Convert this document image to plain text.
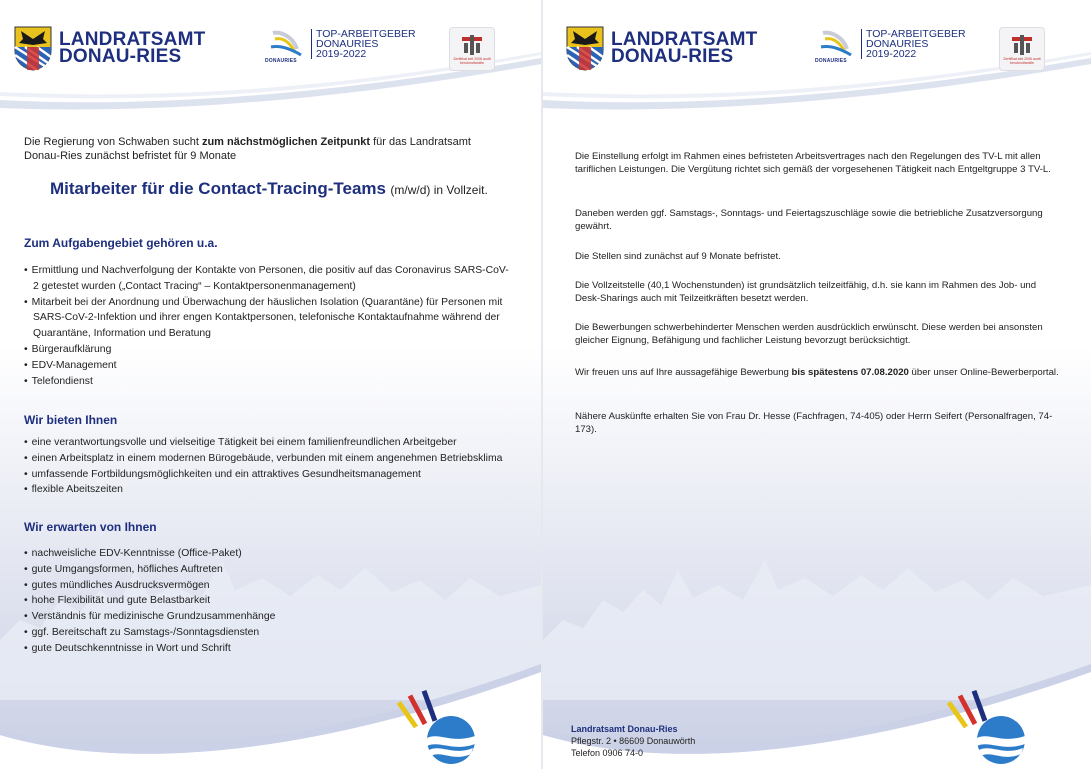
LANDRATSAMT
DONAU-RIES	DONAURIES
TOP-ARBEITGEBER
DONAURIES
2019-2022	Zertifikat seit 2006 audit berufundfamilie
Die Regierung von Schwaben sucht zum nächstmöglichen Zeitpunkt für das Landratsamt Donau-Ries zunächst befristet für 9 Monate
Mitarbeiter für die Contact-Tracing-Teams (m/w/d) in Vollzeit.
Zum Aufgabengebiet gehören u.a.
• Ermittlung und Nachverfolgung der Kontakte von Personen, die positiv auf das Coronavirus SARS-CoV-2 getestet wurden („Contact Tracing“ – Kontaktpersonenmanagement)
• Mitarbeit bei der Anordnung und Überwachung der häuslichen Isolation (Quarantäne) für Personen mit SARS-CoV-2-Infektion und ihrer engen Kontaktpersonen, telefonische Kontaktaufnahme während der Quarantäne, Information und Beratung
• Bürgeraufklärung
• EDV-Management
• Telefondienst
Wir bieten Ihnen
• eine verantwortungsvolle und vielseitige Tätigkeit bei einem familienfreundlichen Arbeitgeber
• einen Arbeitsplatz in einem modernen Bürogebäude, verbunden mit einem angenehmen Betriebsklima
• umfassende Fortbildungsmöglichkeiten und ein attraktives Gesundheitsmanagement
• flexible Abeitszeiten
Wir erwarten von Ihnen
• nachweisliche EDV-Kenntnisse (Office-Paket)
• gute Umgangsformen, höfliches Auftreten
• gutes mündliches Ausdrucksvermögen
• hohe Flexibilität und gute Belastbarkeit
• Verständnis für medizinische Grundzusammenhänge
• ggf. Bereitschaft zu Samstags-/Sonntagsdiensten
• gute Deutschkenntnisse in Wort und Schrift
LANDRATSAMT
DONAU-RIES	DONAURIES
TOP-ARBEITGEBER
DONAURIES
2019-2022	Zertifikat seit 2006 audit berufundfamilie

Die Einstellung erfolgt im Rahmen eines befristeten Arbeitsvertrages nach den Regelungen des TV-L mit allen tariflichen Leistungen. Die Vergütung richtet sich gemäß der vorgesehenen Tätigkeit nach Entgeltgruppe 3 TV-L.

Daneben werden ggf. Samstags-, Sonntags- und Feiertagszuschläge sowie die betriebliche Zusatzversorgung gewährt.

Die Stellen sind zunächst auf 9 Monate befristet.

Die Vollzeitstelle (40,1 Wochenstunden) ist grundsätzlich teilzeitfähig, d.h. sie kann im Rahmen des Job- und Desk-Sharings auch mit Teilzeitkräften besetzt werden.

Die Bewerbungen schwerbehinderter Menschen werden ausdrücklich erwünscht. Diese werden bei ansonsten gleicher Eignung, Befähigung und fachlicher Leistung bevorzugt berücksichtigt.

Wir freuen uns auf Ihre aussagefähige Bewerbung bis spätestens 07.08.2020 über unser Online-Bewerberportal.

Nähere Auskünfte erhalten Sie von Frau Dr. Hesse (Fachfragen, 74-405) oder Herrn Seifert (Personalfragen, 74-173).

Landratsamt Donau-Ries
Pflegstr. 2 • 86609 Donauwörth
Telefon 0906 74-0
